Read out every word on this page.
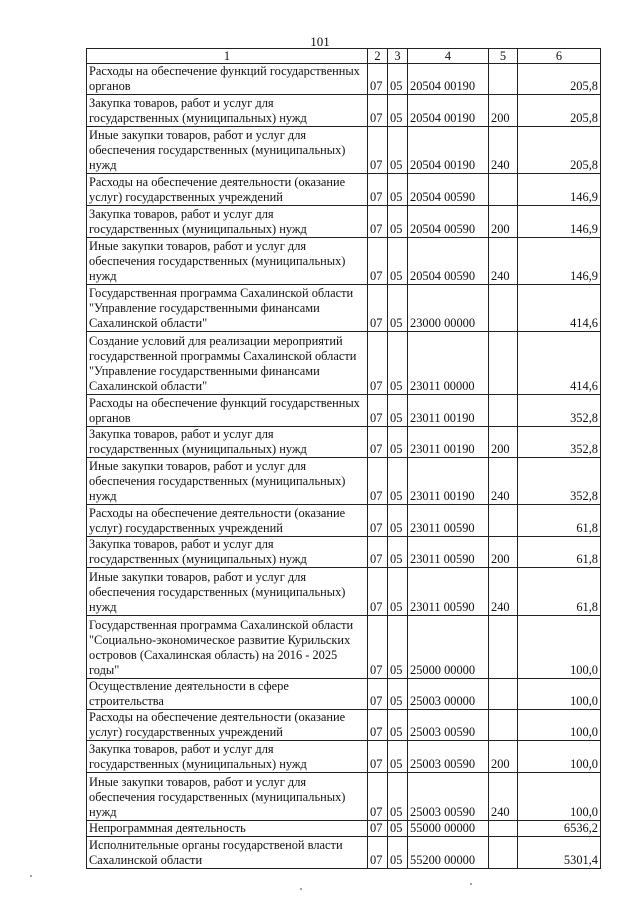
101
1	2	3	4	5	6
Расходы на обеспечение функций государственных органов	07	05	20504 00190		205,8
Закупка товаров, работ и услуг для государственных (муниципальных) нужд	07	05	20504 00190	200	205,8
Иные закупки товаров, работ и услуг для обеспечения государственных (муниципальных) нужд	07	05	20504 00190	240	205,8
Расходы на обеспечение деятельности (оказание услуг) государственных учреждений	07	05	20504 00590		146,9
Закупка товаров, работ и услуг для государственных (муниципальных) нужд	07	05	20504 00590	200	146,9
Иные закупки товаров, работ и услуг для обеспечения государственных (муниципальных) нужд	07	05	20504 00590	240	146,9
Государственная программа Сахалинской области "Управление государственными финансами Сахалинской области"	07	05	23000 00000		414,6
Создание условий для реализации мероприятий государственной программы Сахалинской области "Управление государственными финансами Сахалинской области"	07	05	23011 00000		414,6
Расходы на обеспечение функций государственных органов	07	05	23011 00190		352,8
Закупка товаров, работ и услуг для государственных (муниципальных) нужд	07	05	23011 00190	200	352,8
Иные закупки товаров, работ и услуг для обеспечения государственных (муниципальных) нужд	07	05	23011 00190	240	352,8
Расходы на обеспечение деятельности (оказание услуг) государственных учреждений	07	05	23011 00590		61,8
Закупка товаров, работ и услуг для государственных (муниципальных) нужд	07	05	23011 00590	200	61,8
Иные закупки товаров, работ и услуг для обеспечения государственных (муниципальных) нужд	07	05	23011 00590	240	61,8
Государственная программа Сахалинской области "Социально-экономическое развитие Курильских островов (Сахалинская область) на 2016 - 2025 годы"	07	05	25000 00000		100,0
Осуществление деятельности в сфере строительства	07	05	25003 00000		100,0
Расходы на обеспечение деятельности (оказание услуг) государственных учреждений	07	05	25003 00590		100,0
Закупка товаров, работ и услуг для государственных (муниципальных) нужд	07	05	25003 00590	200	100,0
Иные закупки товаров, работ и услуг для обеспечения государственных (муниципальных) нужд	07	05	25003 00590	240	100,0
Непрограммная деятельность	07	05	55000 00000		6536,2
Исполнительные органы государственой власти Сахалинской области	07	05	55200 00000		5301,4
